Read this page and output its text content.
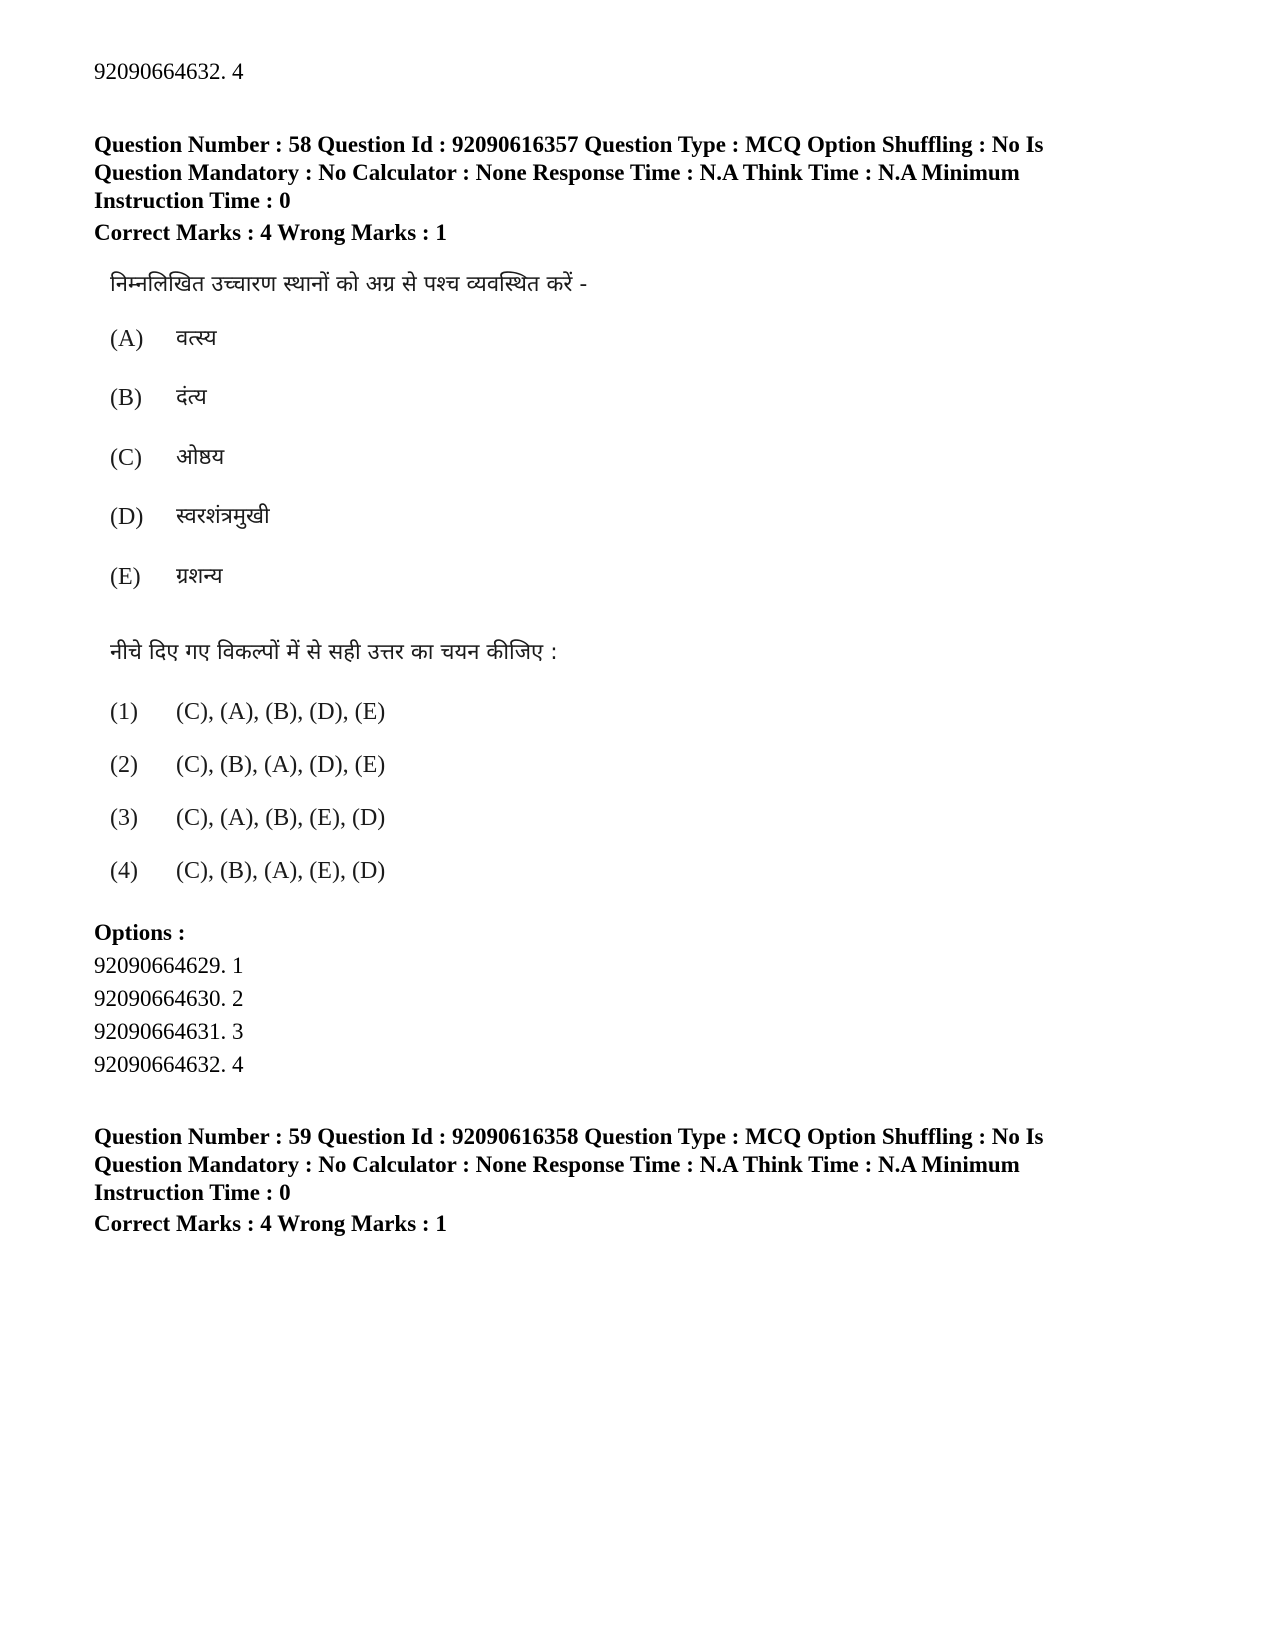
92090664632. 4
Question Number : 58 Question Id : 92090616357 Question Type : MCQ Option Shuffling : No Is
Question Mandatory : No Calculator : None Response Time : N.A Think Time : N.A Minimum
Instruction Time : 0
Correct Marks : 4 Wrong Marks : 1
निम्नलिखित उच्चारण स्थानों को अग्र से पश्च व्यवस्थित करें -
(A) वत्स्य
(B) दंत्य
(C) ओष्ठय
(D) स्वरशंत्रमुखी
(E) ग्रशन्य
नीचे दिए गए विकल्पों में से सही उत्तर का चयन कीजिए :
(1) (C), (A), (B), (D), (E)
(2) (C), (B), (A), (D), (E)
(3) (C), (A), (B), (E), (D)
(4) (C), (B), (A), (E), (D)
Options :
92090664629. 1
92090664630. 2
92090664631. 3
92090664632. 4
Question Number : 59 Question Id : 92090616358 Question Type : MCQ Option Shuffling : No Is
Question Mandatory : No Calculator : None Response Time : N.A Think Time : N.A Minimum
Instruction Time : 0
Correct Marks : 4 Wrong Marks : 1
